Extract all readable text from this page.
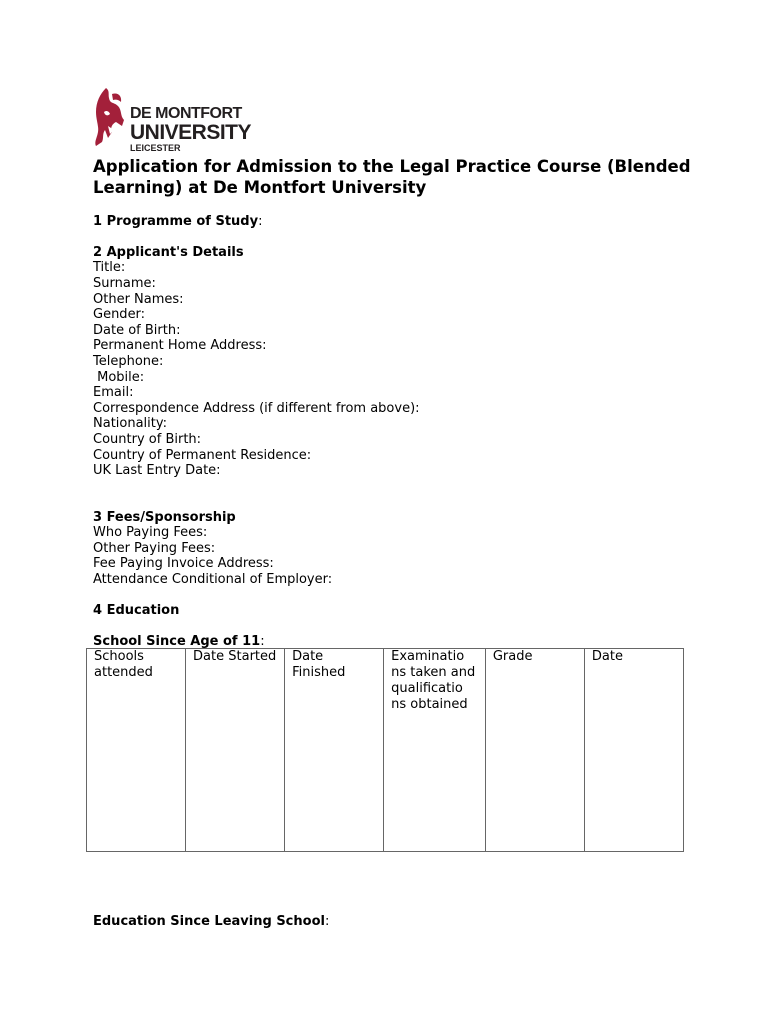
DE MONTFORT
UNIVERSITY
LEICESTER
Application for Admission to the Legal Practice Course (Blended Learning) at De Montfort University
1 Programme of Study:
2 Applicant's Details
Title:
Surname:
Other Names:
Gender:
Date of Birth:
Permanent Home Address:
Telephone:
Mobile:
Email:
Correspondence Address (if different from above):
Nationality:
Country of Birth:
Country of Permanent Residence:
UK Last Entry Date:
3 Fees/Sponsorship
Who Paying Fees:
Other Paying Fees:
Fee Paying Invoice Address:
Attendance Conditional of Employer:
4 Education
School Since Age of 11:
Schools attended	Date Started	Date Finished	Examinatio ns taken and qualificatio ns obtained	Grade	Date
Education Since Leaving School:
